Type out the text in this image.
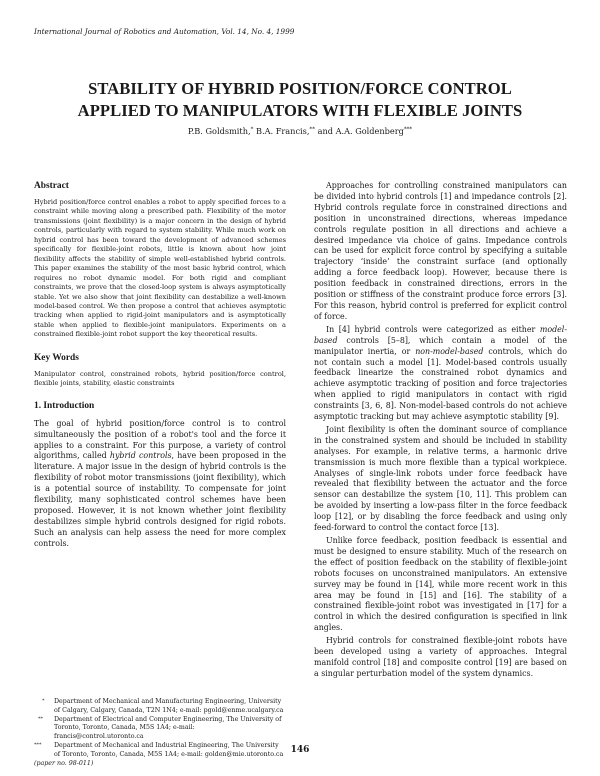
International Journal of Robotics and Automation, Vol. 14, No. 4, 1999
STABILITY OF HYBRID POSITION/FORCE CONTROL
APPLIED TO MANIPULATORS WITH FLEXIBLE JOINTS
P.B. Goldsmith,* B.A. Francis,** and A.A. Goldenberg***
Abstract

Hybrid position/force control enables a robot to apply specified forces to a constraint while moving along a prescribed path. Flexibility of the motor transmissions (joint flexibility) is a major concern in the design of hybrid controls, particularly with regard to system stability. While much work on hybrid control has been toward the development of advanced schemes specifically for flexible-joint robots, little is known about how joint flexibility affects the stability of simple well-established hybrid controls. This paper examines the stability of the most basic hybrid control, which requires no robot dynamic model. For both rigid and compliant constraints, we prove that the closed-loop system is always asymptotically stable. Yet we also show that joint flexibility can destabilize a well-known model-based control. We then propose a control that achieves asymptotic tracking when applied to rigid-joint manipulators and is asymptotically stable when applied to flexible-joint manipulators. Experiments on a constrained flexible-joint robot support the key theoretical results.

Key Words

Manipulator control, constrained robots, hybrid position/force control, flexible joints, stability, elastic constraints

1. Introduction

The goal of hybrid position/force control is to control simultaneously the position of a robot's tool and the force it applies to a constraint. For this purpose, a variety of control algorithms, called hybrid controls, have been proposed in the literature. A major issue in the design of hybrid controls is the flexibility of robot motor transmissions (joint flexibility), which is a potential source of instability. To compensate for joint flexibility, many sophisticated control schemes have been proposed. However, it is not known whether joint flexibility destabilizes simple hybrid controls designed for rigid robots. Such an analysis can help assess the need for more complex controls.

* Department of Mechanical and Manufacturing Engineering, University of Calgary, Calgary, Canada, T2N 1N4; e-mail: pgold@enme.ucalgary.ca
** Department of Electrical and Computer Engineering, The University of Toronto, Toronto, Canada, M5S 1A4; e-mail: francis@control.utoronto.ca
*** Department of Mechanical and Industrial Engineering, The University of Toronto, Toronto, Canada, M5S 1A4; e-mail: golden@mie.utoronto.ca
(paper no. 98-011)

Approaches for controlling constrained manipulators can be divided into hybrid controls [1] and impedance controls [2]. Hybrid controls regulate force in constrained directions and position in unconstrained directions, whereas impedance controls regulate position in all directions and achieve a desired impedance via choice of gains. Impedance controls can be used for explicit force control by specifying a suitable trajectory ‘inside’ the constraint surface (and optionally adding a force feedback loop). However, because there is position feedback in constrained directions, errors in the position or stiffness of the constraint produce force errors [3]. For this reason, hybrid control is preferred for explicit control of force.

In [4] hybrid controls were categorized as either model-based controls [5–8], which contain a model of the manipulator inertia, or non-model-based controls, which do not contain such a model [1]. Model-based controls usually feedback linearize the constrained robot dynamics and achieve asymptotic tracking of position and force trajectories when applied to rigid manipulators in contact with rigid constraints [3, 6, 8]. Non-model-based controls do not achieve asymptotic tracking but may achieve asymptotic stability [9].

Joint flexibility is often the dominant source of compliance in the constrained system and should be included in stability analyses. For example, in relative terms, a harmonic drive transmission is much more flexible than a typical workpiece. Analyses of single-link robots under force feedback have revealed that flexibility between the actuator and the force sensor can destabilize the system [10, 11]. This problem can be avoided by inserting a low-pass filter in the force feedback loop [12], or by disabling the force feedback and using only feed-forward to control the contact force [13].

Unlike force feedback, position feedback is essential and must be designed to ensure stability. Much of the research on the effect of position feedback on the stability of flexible-joint robots focuses on unconstrained manipulators. An extensive survey may be found in [14], while more recent work in this area may be found in [15] and [16]. The stability of a constrained flexible-joint robot was investigated in [17] for a control in which the desired configuration is specified in link angles.

Hybrid controls for constrained flexible-joint robots have been developed using a variety of approaches. Integral manifold control [18] and composite control [19] are based on a singular perturbation model of the system dynamics.

146
